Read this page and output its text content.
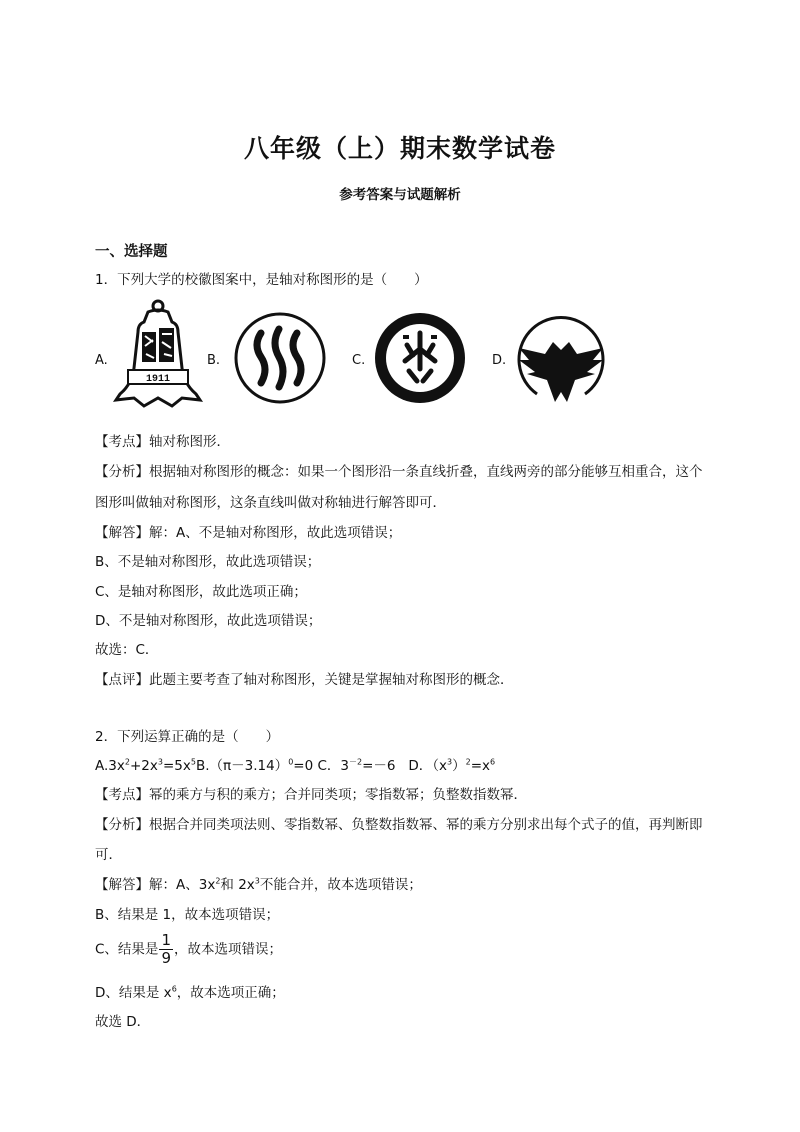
八年级（上）期末数学试卷
参考答案与试题解析
一、选择题
1．下列大学的校徽图案中，是轴对称图形的是（　　）
A.	B.	C.	D.
1911
【考点】轴对称图形．
【分析】根据轴对称图形的概念：如果一个图形沿一条直线折叠，直线两旁的部分能够互相重合，这个
图形叫做轴对称图形，这条直线叫做对称轴进行解答即可．
【解答】解：A、不是轴对称图形，故此选项错误；
B、不是轴对称图形，故此选项错误；
C、是轴对称图形，故此选项正确；
D、不是轴对称图形，故此选项错误；
故选：C．
【点评】此题主要考查了轴对称图形，关键是掌握轴对称图形的概念．
2．下列运算正确的是（　　）
$A.3x^2+2x^3=5x^5B.(\pi-3.14)^0=0$ C．$3^{-2}=-6$ D．$(x^3)^2=x^6$
【考点】幂的乘方与积的乘方；合并同类项；零指数幂；负整数指数幂．
【分析】根据合并同类项法则、零指数幂、负整数指数幂、幂的乘方分别求出每个式子的值，再判断即
可．
【解答】解：A、$3x^2$和 $2x^3$不能合并，故本选项错误；
B、结果是 1，故本选项错误；
C、结果是 $\frac{1}{9}$ ，故本选项错误；
D、结果是 $x^6$，故本选项正确；
故选 D．
